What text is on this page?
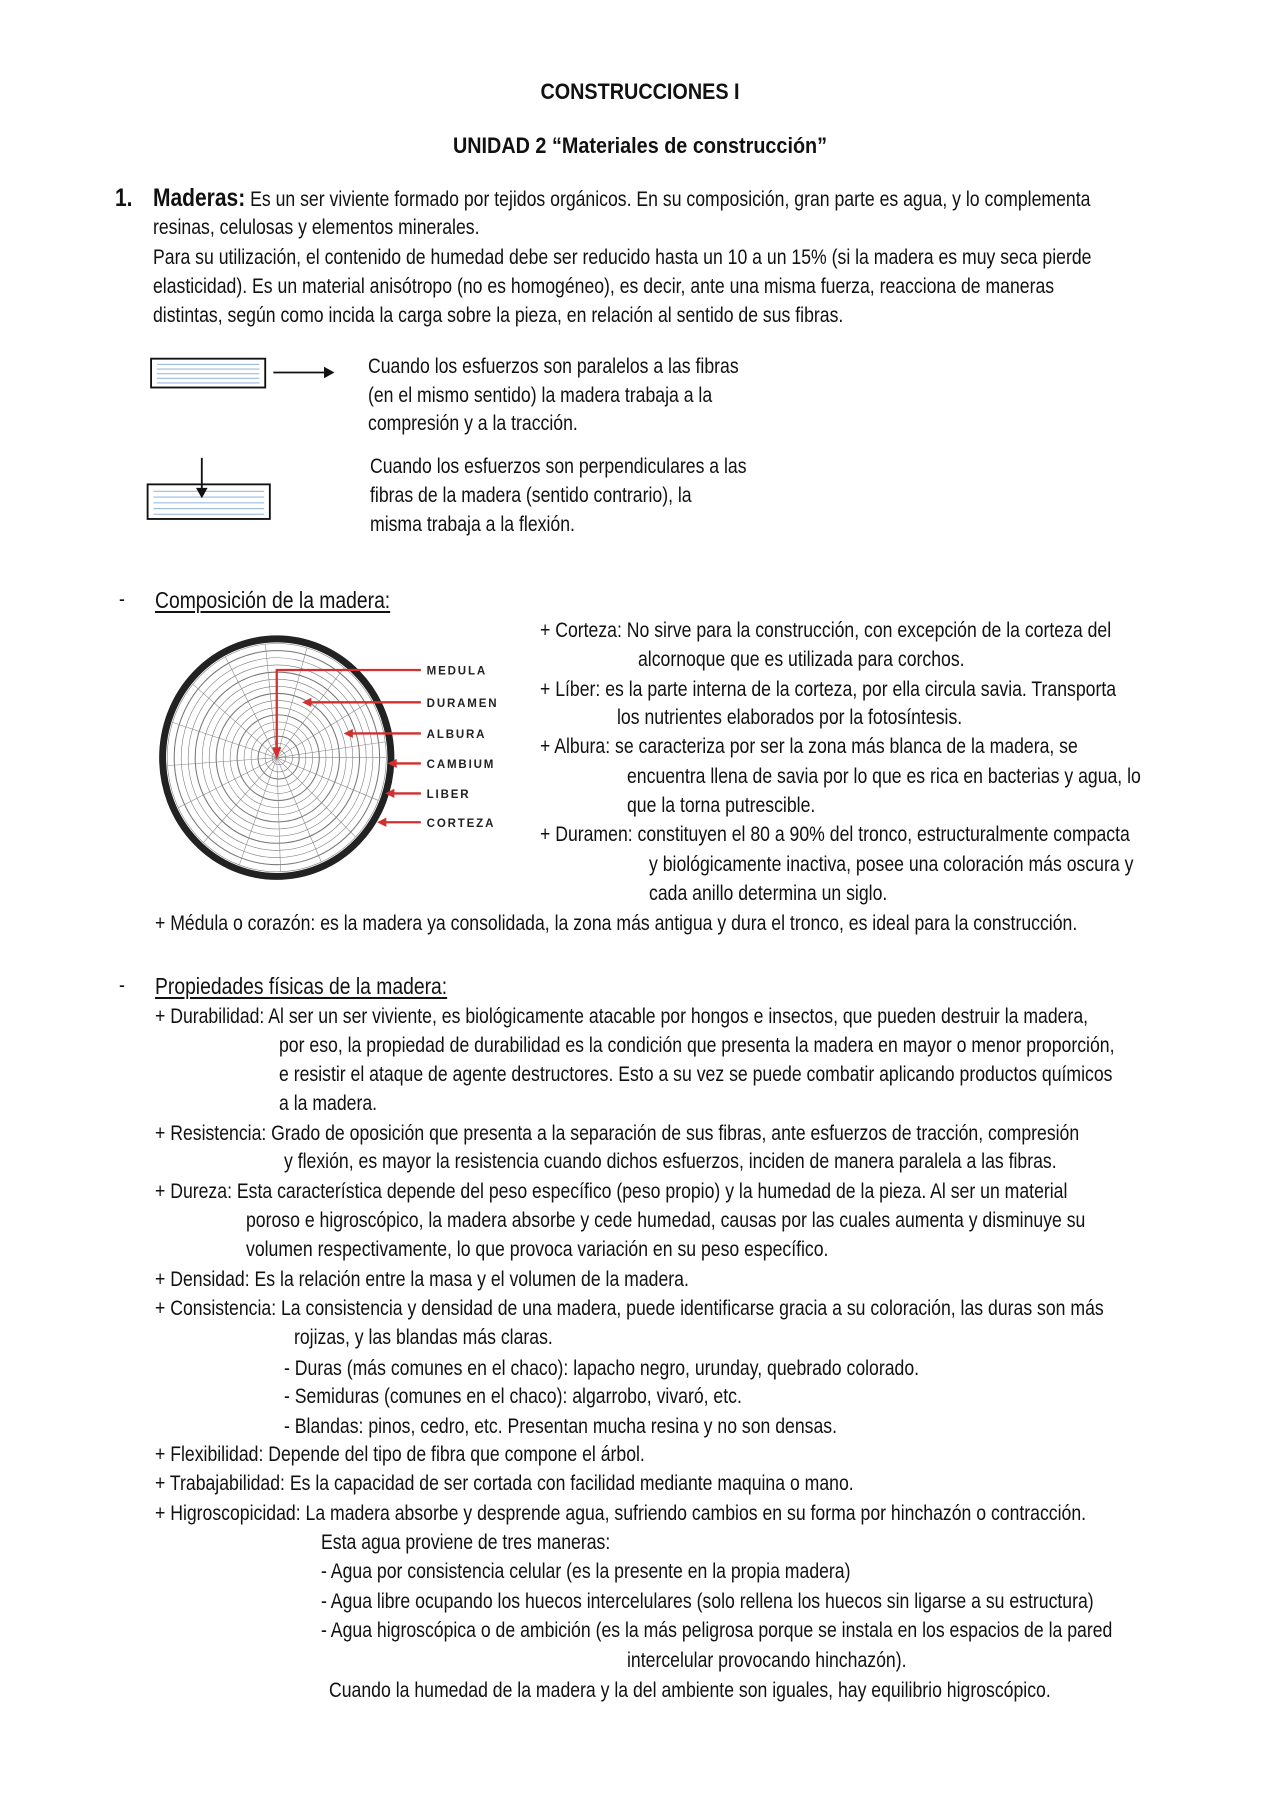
MEDULA
DURAMEN
ALBURA
CAMBIUM
LIBER
CORTEZA
CONSTRUCCIONES I
UNIDAD 2 “Materiales de construcción”
1. Maderas: Es un ser viviente formado por tejidos orgánicos. En su composición, gran parte es agua, y lo complementa
resinas, celulosas y elementos minerales.
Para su utilización, el contenido de humedad debe ser reducido hasta un 10 a un 15% (si la madera es muy seca pierde
elasticidad). Es un material anisótropo (no es homogéneo), es decir, ante una misma fuerza, reacciona de maneras
distintas, según como incida la carga sobre la pieza, en relación al sentido de sus fibras.
Cuando los esfuerzos son paralelos a las fibras
(en el mismo sentido) la madera trabaja a la
compresión y a la tracción.
Cuando los esfuerzos son perpendiculares a las
fibras de la madera (sentido contrario), la
misma trabaja a la flexión.
- Composición de la madera:
+ Corteza: No sirve para la construcción, con excepción de la corteza del
alcornoque que es utilizada para corchos.
+ Líber: es la parte interna de la corteza, por ella circula savia. Transporta
los nutrientes elaborados por la fotosíntesis.
+ Albura: se caracteriza por ser la zona más blanca de la madera, se
encuentra llena de savia por lo que es rica en bacterias y agua, lo
que la torna putrescible.
+ Duramen: constituyen el 80 a 90% del tronco, estructuralmente compacta
y biológicamente inactiva, posee una coloración más oscura y
cada anillo determina un siglo.
+ Médula o corazón: es la madera ya consolidada, la zona más antigua y dura el tronco, es ideal para la construcción.
- Propiedades físicas de la madera:
+ Durabilidad: Al ser un ser viviente, es biológicamente atacable por hongos e insectos, que pueden destruir la madera,
por eso, la propiedad de durabilidad es la condición que presenta la madera en mayor o menor proporción,
e resistir el ataque de agente destructores. Esto a su vez se puede combatir aplicando productos químicos
a la madera.
+ Resistencia: Grado de oposición que presenta a la separación de sus fibras, ante esfuerzos de tracción, compresión
y flexión, es mayor la resistencia cuando dichos esfuerzos, inciden de manera paralela a las fibras.
+ Dureza: Esta característica depende del peso específico (peso propio) y la humedad de la pieza. Al ser un material
poroso e higroscópico, la madera absorbe y cede humedad, causas por las cuales aumenta y disminuye su
volumen respectivamente, lo que provoca variación en su peso específico.
+ Densidad: Es la relación entre la masa y el volumen de la madera.
+ Consistencia: La consistencia y densidad de una madera, puede identificarse gracia a su coloración, las duras son más
rojizas, y las blandas más claras.
- Duras (más comunes en el chaco): lapacho negro, urunday, quebrado colorado.
- Semiduras (comunes en el chaco): algarrobo, vivaró, etc.
- Blandas: pinos, cedro, etc. Presentan mucha resina y no son densas.
+ Flexibilidad: Depende del tipo de fibra que compone el árbol.
+ Trabajabilidad: Es la capacidad de ser cortada con facilidad mediante maquina o mano.
+ Higroscopicidad: La madera absorbe y desprende agua, sufriendo cambios en su forma por hinchazón o contracción.
Esta agua proviene de tres maneras:
- Agua por consistencia celular (es la presente en la propia madera)
- Agua libre ocupando los huecos intercelulares (solo rellena los huecos sin ligarse a su estructura)
- Agua higroscópica o de ambición (es la más peligrosa porque se instala en los espacios de la pared
intercelular provocando hinchazón).
Cuando la humedad de la madera y la del ambiente son iguales, hay equilibrio higroscópico.
